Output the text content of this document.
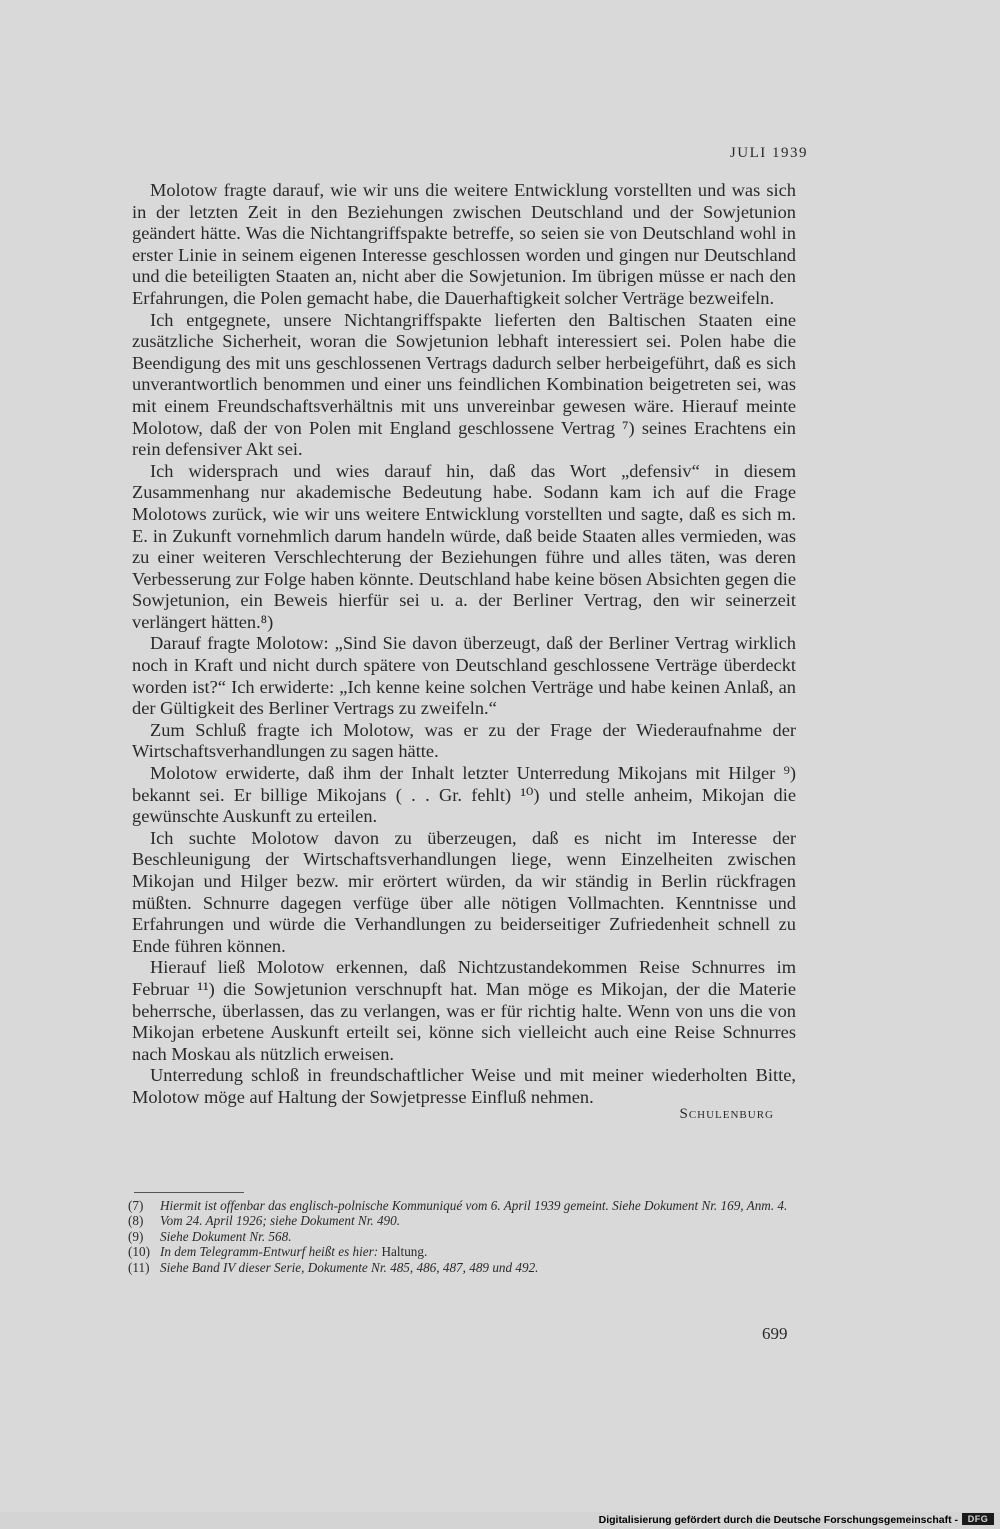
JULI 1939

Molotow fragte darauf, wie wir uns die weitere Entwicklung vorstellten und was sich in der letzten Zeit in den Beziehungen zwischen Deutschland und der Sowjetunion geändert hätte. Was die Nichtangriffspakte betreffe, so seien sie von Deutschland wohl in erster Linie in seinem eigenen Interesse geschlossen worden und gingen nur Deutschland und die beteiligten Staaten an, nicht aber die Sowjetunion. Im übrigen müsse er nach den Erfahrungen, die Polen gemacht habe, die Dauerhaftigkeit solcher Verträge bezweifeln.

Ich entgegnete, unsere Nichtangriffspakte lieferten den Baltischen Staaten eine zusätzliche Sicherheit, woran die Sowjetunion lebhaft interessiert sei. Polen habe die Beendigung des mit uns geschlossenen Vertrags dadurch selber herbeigeführt, daß es sich unverantwortlich benommen und einer uns feindlichen Kombination beigetreten sei, was mit einem Freundschaftsverhältnis mit uns unvereinbar gewesen wäre. Hierauf meinte Molotow, daß der von Polen mit England geschlossene Vertrag ⁷) seines Erachtens ein rein defensiver Akt sei.

Ich widersprach und wies darauf hin, daß das Wort „defensiv“ in diesem Zusammenhang nur akademische Bedeutung habe. Sodann kam ich auf die Frage Molotows zurück, wie wir uns weitere Entwicklung vorstellten und sagte, daß es sich m. E. in Zukunft vornehmlich darum handeln würde, daß beide Staaten alles vermieden, was zu einer weiteren Verschlechterung der Beziehungen führe und alles täten, was deren Verbesserung zur Folge haben könnte. Deutschland habe keine bösen Absichten gegen die Sowjetunion, ein Beweis hierfür sei u. a. der Berliner Vertrag, den wir seinerzeit verlängert hätten.⁸)

Darauf fragte Molotow: „Sind Sie davon überzeugt, daß der Berliner Vertrag wirklich noch in Kraft und nicht durch spätere von Deutschland geschlossene Verträge überdeckt worden ist?“ Ich erwiderte: „Ich kenne keine solchen Verträge und habe keinen Anlaß, an der Gültigkeit des Berliner Vertrags zu zweifeln.“

Zum Schluß fragte ich Molotow, was er zu der Frage der Wiederaufnahme der Wirtschaftsverhandlungen zu sagen hätte.

Molotow erwiderte, daß ihm der Inhalt letzter Unterredung Mikojans mit Hilger ⁹) bekannt sei. Er billige Mikojans ( . . Gr. fehlt) ¹⁰) und stelle anheim, Mikojan die gewünschte Auskunft zu erteilen.

Ich suchte Molotow davon zu überzeugen, daß es nicht im Interesse der Beschleunigung der Wirtschaftsverhandlungen liege, wenn Einzelheiten zwischen Mikojan und Hilger bezw. mir erörtert würden, da wir ständig in Berlin rückfragen müßten. Schnurre dagegen verfüge über alle nötigen Vollmachten. Kenntnisse und Erfahrungen und würde die Verhandlungen zu beiderseitiger Zufriedenheit schnell zu Ende führen können.

Hierauf ließ Molotow erkennen, daß Nichtzustandekommen Reise Schnurres im Februar ¹¹) die Sowjetunion verschnupft hat. Man möge es Mikojan, der die Materie beherrsche, überlassen, das zu verlangen, was er für richtig halte. Wenn von uns die von Mikojan erbetene Auskunft erteilt sei, könne sich vielleicht auch eine Reise Schnurres nach Moskau als nützlich erweisen.

Unterredung schloß in freundschaftlicher Weise und mit meiner wiederholten Bitte, Molotow möge auf Haltung der Sowjetpresse Einfluß nehmen.

Schulenburg
(7)	Hiermit ist offenbar das englisch-polnische Kommuniqué vom 6. April 1939 gemeint. Siehe Dokument Nr. 169, Anm. 4.
(8)	Vom 24. April 1926; siehe Dokument Nr. 490.
(9)	Siehe Dokument Nr. 568.
(10) In dem Telegramm-Entwurf heißt es hier: Haltung.
(11) Siehe Band IV dieser Serie, Dokumente Nr. 485, 486, 487, 489 und 492.
699
Digitalisierung gefördert durch die Deutsche Forschungsgemeinschaft -	DFG
